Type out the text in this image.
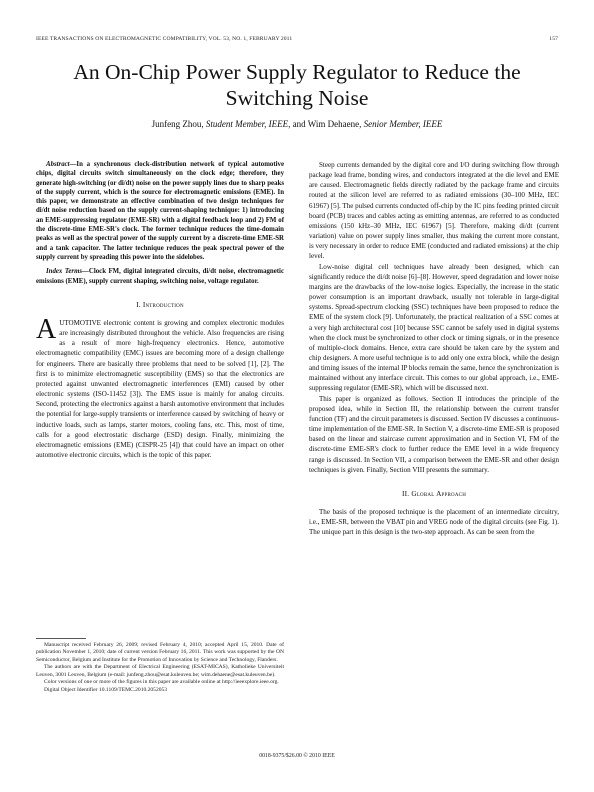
IEEE TRANSACTIONS ON ELECTROMAGNETIC COMPATIBILITY, VOL. 53, NO. 1, FEBRUARY 2011	157
An On-Chip Power Supply Regulator to Reduce the Switching Noise
Junfeng Zhou, Student Member, IEEE, and Wim Dehaene, Senior Member, IEEE

Abstract—In a synchronous clock-distribution network of typical automotive chips, digital circuits switch simultaneously on the clock edge; therefore, they generate high-switching (or di/dt) noise on the power supply lines due to sharp peaks of the supply current, which is the source for electromagnetic emissions (EME). In this paper, we demonstrate an effective combination of two design techniques for di/dt noise reduction based on the supply current-shaping technique: 1) introducing an EME-suppressing regulator (EME-SR) with a digital feedback loop and 2) FM of the discrete-time EME-SR's clock. The former technique reduces the time-domain peaks as well as the spectral power of the supply current by a discrete-time EME-SR and a tank capacitor. The latter technique reduces the peak spectral power of the supply current by spreading this power into the sidelobes.

Index Terms—Clock FM, digital integrated circuits, di/dt noise, electromagnetic emissions (EME), supply current shaping, switching noise, voltage regulator.

I. Introduction

AUTOMOTIVE electronic content is growing and complex electronic modules are increasingly distributed throughout the vehicle. Also frequencies are rising as a result of more high-frequency electronics. Hence, automotive electromagnetic compatibility (EMC) issues are becoming more of a design challenge for engineers. There are basically three problems that need to be solved [1], [2]. The first is to minimize electromagnetic susceptibility (EMS) so that the electronics are protected against unwanted electromagnetic interferences (EMI) caused by other electronic systems (ISO-11452 [3]). The EMS issue is mainly for analog circuits. Second, protecting the electronics against a harsh automotive environment that includes the potential for large-supply transients or interference caused by switching of heavy or inductive loads, such as lamps, starter motors, cooling fans, etc. This, most of time, calls for a good electrostatic discharge (ESD) design. Finally, minimizing the electromagnetic emissions (EME) (CISPR-25 [4]) that could have an impact on other automotive electronic circuits, which is the topic of this paper.

Manuscript received February 26, 2009; revised February 4, 2010; accepted April 15, 2010. Date of publication November 1, 2010; date of current version February 16, 2011. This work was supported by the ON Semiconductor, Belgium and Institute for the Promotion of Innovation by Science and Technology, Flanders.

The authors are with the Department of Electrical Engineering (ESAT-MICAS), Katholieke Universiteit Leuven, 3001 Leuven, Belgium (e-mail: junfeng.zhou@esat.kuleuven.be; wim.dehaene@esat.kuleuven.be).

Color versions of one or more of the figures in this paper are available online at http://ieeexplore.ieee.org.

Digital Object Identifier 10.1109/TEMC.2010.2052053

Steep currents demanded by the digital core and I/O during switching flow through package lead frame, bonding wires, and conductors integrated at the die level and EME are caused. Electromagnetic fields directly radiated by the package frame and circuits routed at the silicon level are referred to as radiated emissions (30–100 MHz, IEC 61967) [5]. The pulsed currents conducted off-chip by the IC pins feeding printed circuit board (PCB) traces and cables acting as emitting antennas, are referred to as conducted emissions (150 kHz–30 MHz, IEC 61967) [5]. Therefore, making di/dt (current variation) value on power supply lines smaller, thus making the current more constant, is very necessary in order to reduce EME (conducted and radiated emissions) at the chip level.

Low-noise digital cell techniques have already been designed, which can significantly reduce the di/dt noise [6]–[8]. However, speed degradation and lower noise margins are the drawbacks of the low-noise logics. Especially, the increase in the static power consumption is an important drawback, usually not tolerable in large-digital systems. Spread-spectrum clocking (SSC) techniques have been proposed to reduce the EME of the system clock [9]. Unfortunately, the practical realization of a SSC comes at a very high architectural cost [10] because SSC cannot be safely used in digital systems when the clock must be synchronized to other clock or timing signals, or in the presence of multiple-clock domains. Hence, extra care should be taken care by the system and chip designers. A more useful technique is to add only one extra block, while the design and timing issues of the internal IP blocks remain the same, hence the synchronization is maintained without any interface circuit. This comes to our global approach, i.e., EME-suppressing regulator (EME-SR), which will be discussed next.

This paper is organized as follows. Section II introduces the principle of the proposed idea, while in Section III, the relationship between the current transfer function (TF) and the circuit parameters is discussed. Section IV discusses a continuous-time implementation of the EME-SR. In Section V, a discrete-time EME-SR is proposed based on the linear and staircase current approximation and in Section VI, FM of the discrete-time EME-SR's clock to further reduce the EME level in a wide frequency range is discussed. In Section VII, a comparison between the EME-SR and other design techniques is given. Finally, Section VIII presents the summary.

II. Global Approach

The basis of the proposed technique is the placement of an intermediate circuitry, i.e., EME-SR, between the VBAT pin and VREG node of the digital circuits (see Fig. 1). The unique part in this design is the two-step approach. As can be seen from the

0018-9375/$26.00 © 2010 IEEE
